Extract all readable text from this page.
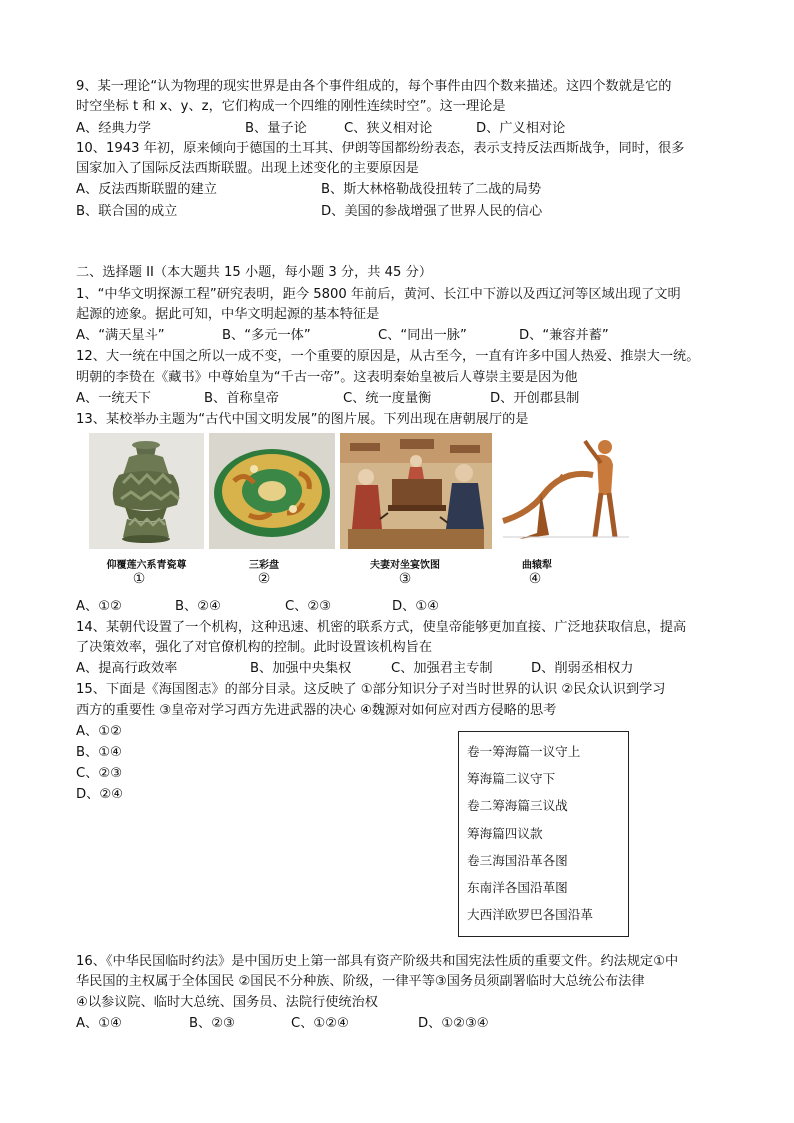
9、某一理论“认为物理的现实世界是由各个事件组成的，每个事件由四个数来描述。这四个数就是它的
时空坐标 t 和 x、y、z，它们构成一个四维的刚性连续时空”。这一理论是
A、经典力学	B、量子论	C、狭义相对论	D、广义相对论
10、1943 年初，原来倾向于德国的土耳其、伊朗等国都纷纷表态，表示支持反法西斯战争，同时，很多
国家加入了国际反法西斯联盟。出现上述变化的主要原因是
A、反法西斯联盟的建立	B、斯大林格勒战役扭转了二战的局势
B、联合国的成立	D、美国的参战增强了世界人民的信心
二、选择题 II（本大题共 15 小题，每小题 3 分，共 45 分）
1、“中华文明探源工程”研究表明，距今 5800 年前后，黄河、长江中下游以及西辽河等区域出现了文明
起源的迹象。据此可知，中华文明起源的基本特征是
A、“满天星斗”	B、“多元一体”	C、“同出一脉”	D、“兼容并蓄”
12、大一统在中国之所以一成不变，一个重要的原因是，从古至今，一直有许多中国人热爱、推崇大一统。
明朝的李贽在《藏书》中尊始皇为“千古一帝”。这表明秦始皇被后人尊崇主要是因为他
A、一统天下	B、首称皇帝	C、统一度量衡	D、开创郡县制
13、某校举办主题为“古代中国文明发展”的图片展。下列出现在唐朝展厅的是
仰覆莲六系青瓷尊	三彩盘	夫妻对坐宴饮图	曲辕犁
①	②	③	④
A、①②	B、②④	C、②③	D、①④
14、某朝代设置了一个机构，这种迅速、机密的联系方式，使皇帝能够更加直接、广泛地获取信息，提高
了决策效率，强化了对官僚机构的控制。此时设置该机构旨在
A、提高行政效率	B、加强中央集权	C、加强君主专制	D、削弱丞相权力
15、下面是《海国图志》的部分目录。这反映了 ①部分知识分子对当时世界的认识 ②民众认识到学习
西方的重要性 ③皇帝对学习西方先进武器的决心 ④魏源对如何应对西方侵略的思考
A、①②
B、①④
C、②③
D、②④
卷一筹海篇一议守上
筹海篇二议守下
卷二筹海篇三议战
筹海篇四议款
卷三海国沿革各图
东南洋各国沿革图
大西洋欧罗巴各国沿革
16、《中华民国临时约法》是中国历史上第一部具有资产阶级共和国宪法性质的重要文件。约法规定①中
华民国的主权属于全体国民 ②国民不分种族、阶级，一律平等③国务员须副署临时大总统公布法律
④以参议院、临时大总统、国务员、法院行使统治权
A、①④	B、②③	C、①②④	D、①②③④
